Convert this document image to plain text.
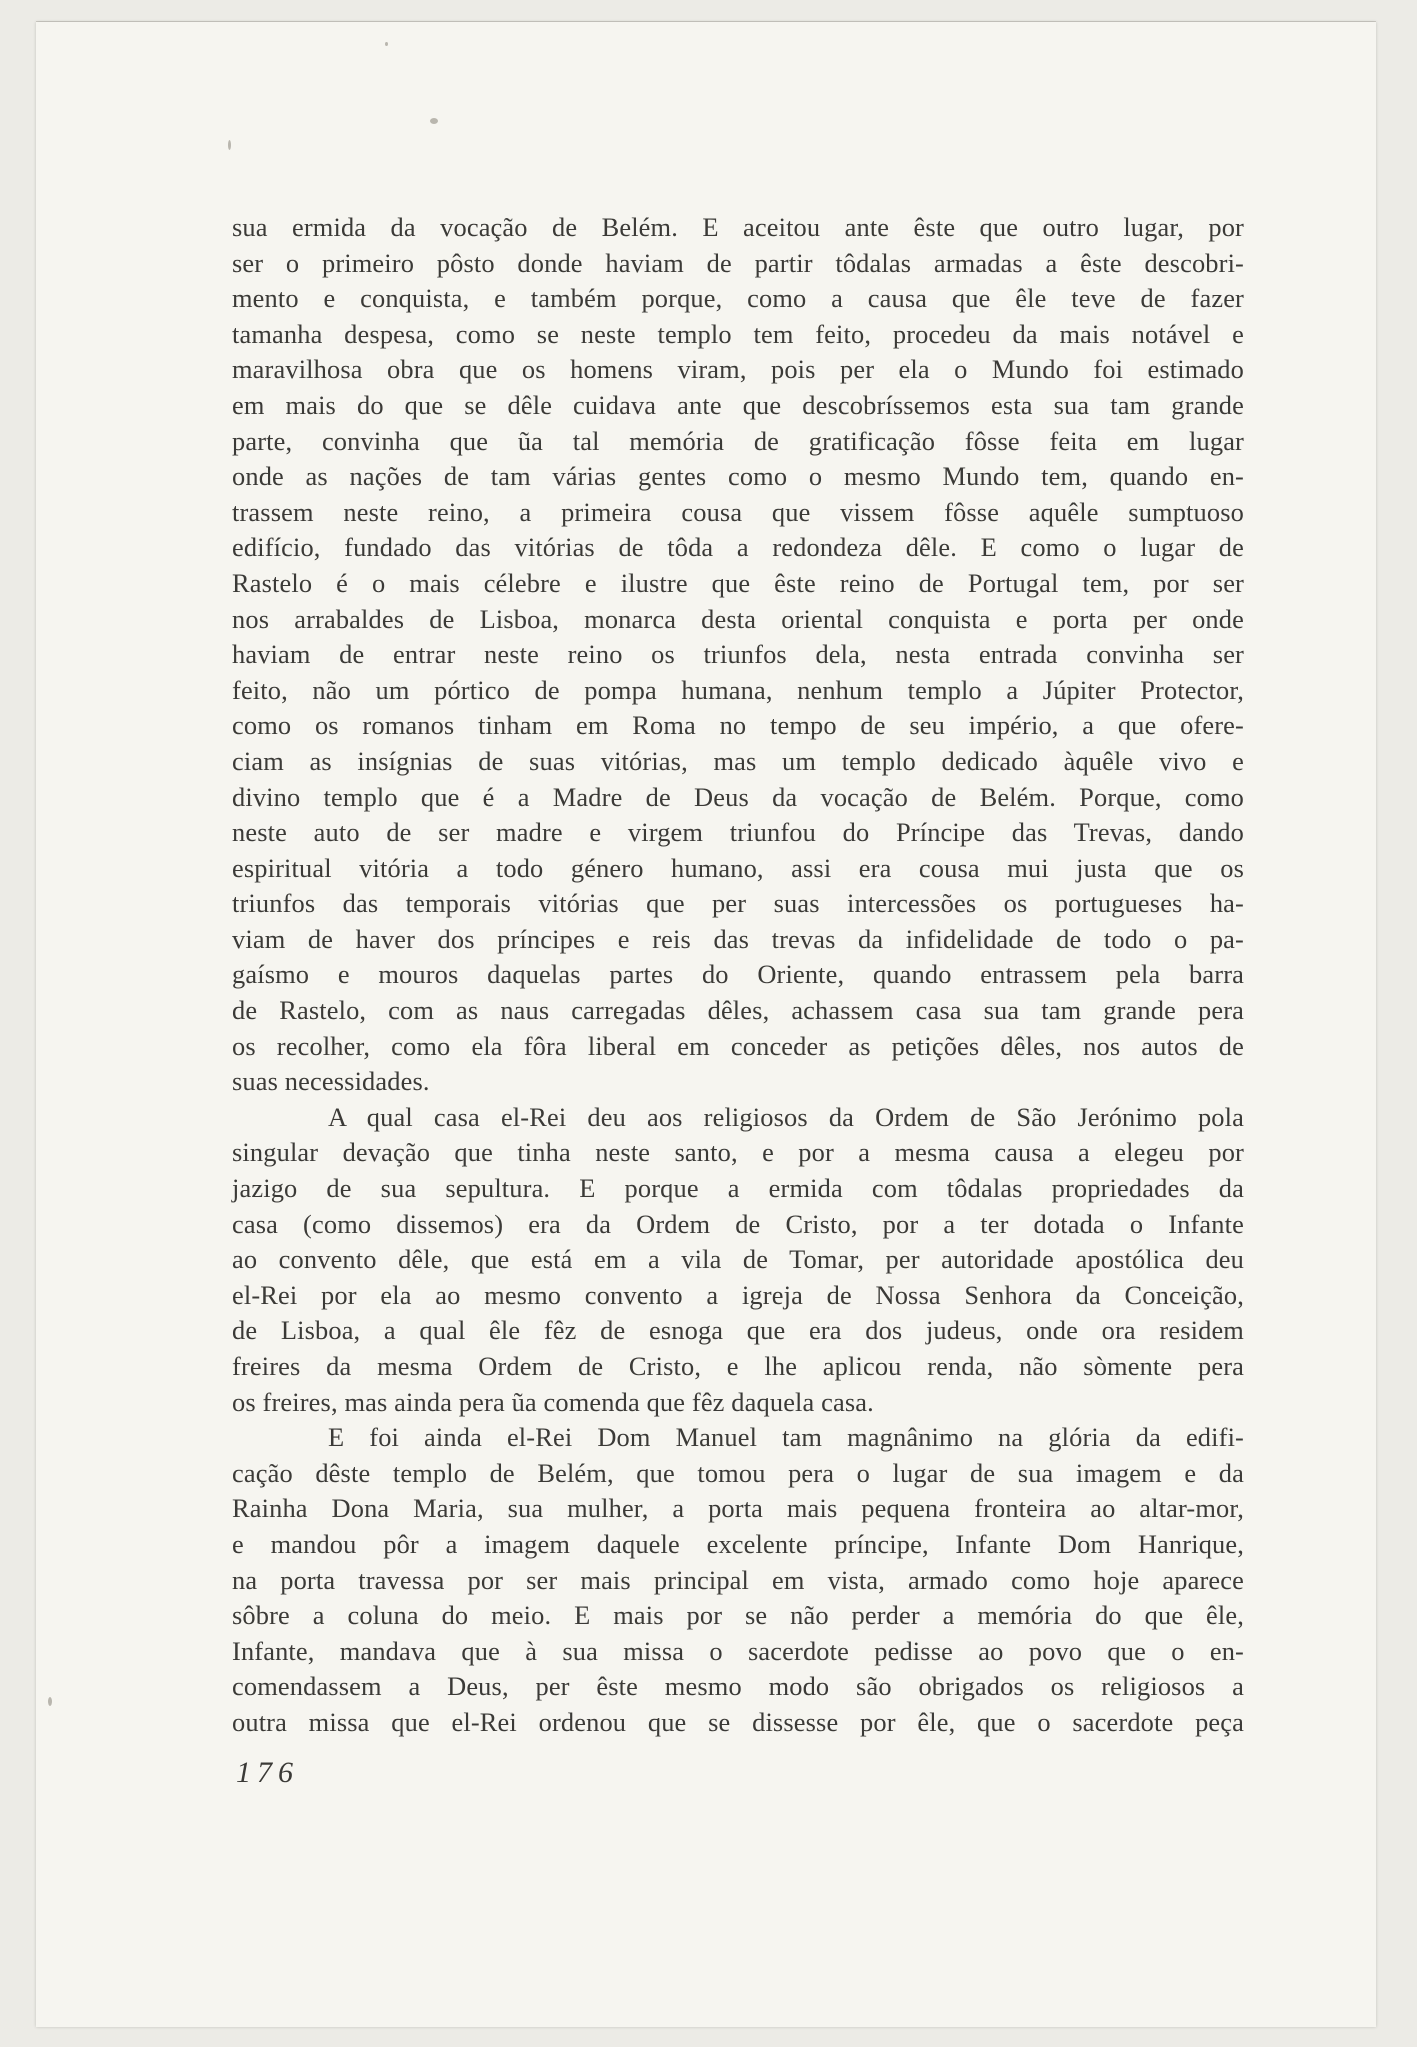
sua ermida da vocação de Belém. E aceitou ante êste que outro lugar, por
ser o primeiro pôsto donde haviam de partir tôdalas armadas a êste descobri-
mento e conquista, e também porque, como a causa que êle teve de fazer
tamanha despesa, como se neste templo tem feito, procedeu da mais notável e
maravilhosa obra que os homens viram, pois per ela o Mundo foi estimado
em mais do que se dêle cuidava ante que descobríssemos esta sua tam grande
parte, convinha que ũa tal memória de gratificação fôsse feita em lugar
onde as nações de tam várias gentes como o mesmo Mundo tem, quando en-
trassem neste reino, a primeira cousa que vissem fôsse aquêle sumptuoso
edifício, fundado das vitórias de tôda a redondeza dêle. E como o lugar de
Rastelo é o mais célebre e ilustre que êste reino de Portugal tem, por ser
nos arrabaldes de Lisboa, monarca desta oriental conquista e porta per onde
haviam de entrar neste reino os triunfos dela, nesta entrada convinha ser
feito, não um pórtico de pompa humana, nenhum templo a Júpiter Protector,
como os romanos tinham em Roma no tempo de seu império, a que ofere-
ciam as insígnias de suas vitórias, mas um templo dedicado àquêle vivo e
divino templo que é a Madre de Deus da vocação de Belém. Porque, como
neste auto de ser madre e virgem triunfou do Príncipe das Trevas, dando
espiritual vitória a todo género humano, assi era cousa mui justa que os
triunfos das temporais vitórias que per suas intercessões os portugueses ha-
viam de haver dos príncipes e reis das trevas da infidelidade de todo o pa-
gaísmo e mouros daquelas partes do Oriente, quando entrassem pela barra
de Rastelo, com as naus carregadas dêles, achassem casa sua tam grande pera
os recolher, como ela fôra liberal em conceder as petições dêles, nos autos de
suas necessidades.
A qual casa el-Rei deu aos religiosos da Ordem de São Jerónimo pola
singular devação que tinha neste santo, e por a mesma causa a elegeu por
jazigo de sua sepultura. E porque a ermida com tôdalas propriedades da
casa (como dissemos) era da Ordem de Cristo, por a ter dotada o Infante
ao convento dêle, que está em a vila de Tomar, per autoridade apostólica deu
el-Rei por ela ao mesmo convento a igreja de Nossa Senhora da Conceição,
de Lisboa, a qual êle fêz de esnoga que era dos judeus, onde ora residem
freires da mesma Ordem de Cristo, e lhe aplicou renda, não sòmente pera
os freires, mas ainda pera ũa comenda que fêz daquela casa.
E foi ainda el-Rei Dom Manuel tam magnânimo na glória da edifi-
cação dêste templo de Belém, que tomou pera o lugar de sua imagem e da
Rainha Dona Maria, sua mulher, a porta mais pequena fronteira ao altar-mor,
e mandou pôr a imagem daquele excelente príncipe, Infante Dom Hanrique,
na porta travessa por ser mais principal em vista, armado como hoje aparece
sôbre a coluna do meio. E mais por se não perder a memória do que êle,
Infante, mandava que à sua missa o sacerdote pedisse ao povo que o en-
comendassem a Deus, per êste mesmo modo são obrigados os religiosos a
outra missa que el-Rei ordenou que se dissesse por êle, que o sacerdote peça
176
